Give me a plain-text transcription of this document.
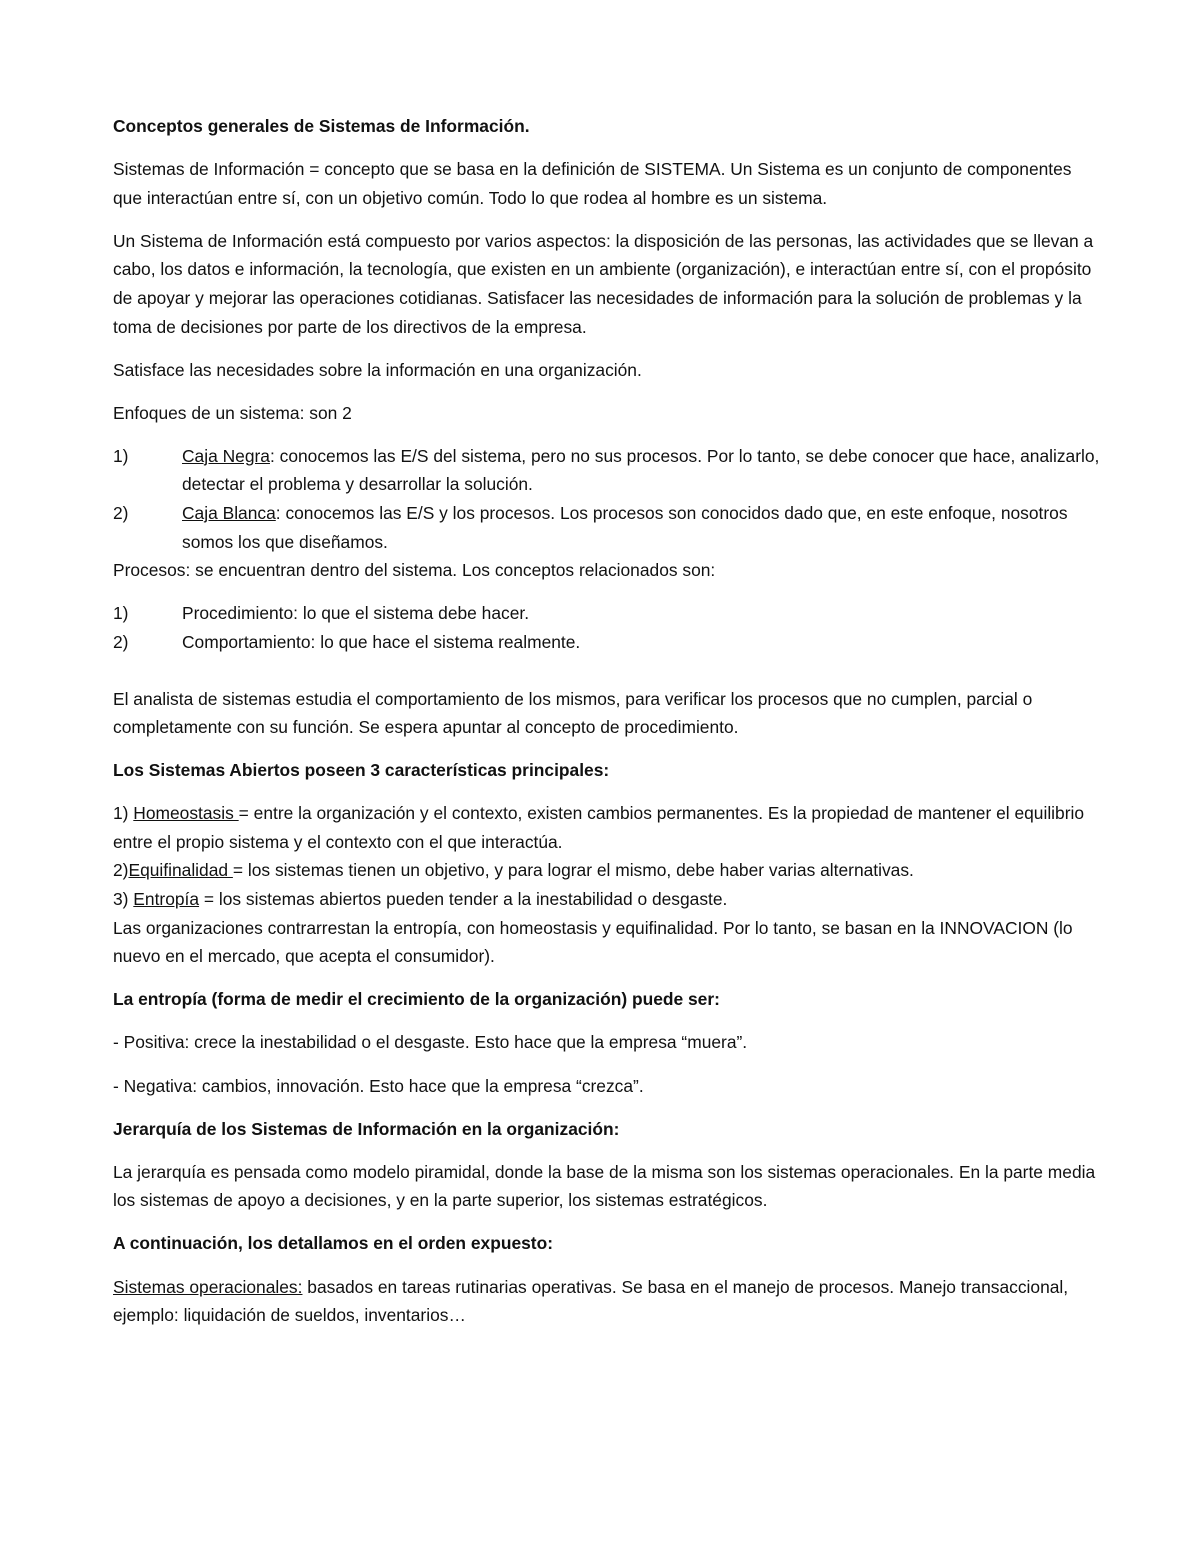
Conceptos generales de Sistemas de Información.

Sistemas de Información = concepto que se basa en la definición de SISTEMA. Un Sistema es un conjunto de componentes que interactúan entre sí, con un objetivo común. Todo lo que rodea al hombre es un sistema.

Un Sistema de Información está compuesto por varios aspectos: la disposición de las personas, las actividades que se llevan a cabo, los datos e información, la tecnología, que existen en un ambiente (organización), e interactúan entre sí, con el propósito de apoyar y mejorar las operaciones cotidianas. Satisfacer las necesidades de información para la solución de problemas y la toma de decisiones por parte de los directivos de la empresa.

Satisface las necesidades sobre la información en una organización.

Enfoques de un sistema: son 2

1)	Caja Negra: conocemos las E/S del sistema, pero no sus procesos. Por lo tanto, se debe conocer que hace, analizarlo, detectar el problema y desarrollar la solución.
2)	Caja Blanca: conocemos las E/S y los procesos. Los procesos son conocidos dado que, en este enfoque, nosotros somos los que diseñamos.

Procesos: se encuentran dentro del sistema. Los conceptos relacionados son:

1)	Procedimiento: lo que el sistema debe hacer.
2)	Comportamiento: lo que hace el sistema realmente.

El analista de sistemas estudia el comportamiento de los mismos, para verificar los procesos que no cumplen, parcial o completamente con su función. Se espera apuntar al concepto de procedimiento.

Los Sistemas Abiertos poseen 3 características principales:

1) Homeostasis = entre la organización y el contexto, existen cambios permanentes. Es la propiedad de mantener el equilibrio entre el propio sistema y el contexto con el que interactúa.
2)Equifinalidad = los sistemas tienen un objetivo, y para lograr el mismo, debe haber varias alternativas.
3) Entropía = los sistemas abiertos pueden tender a la inestabilidad o desgaste.

Las organizaciones contrarrestan la entropía, con homeostasis y equifinalidad. Por lo tanto, se basan en la INNOVACION (lo nuevo en el mercado, que acepta el consumidor).

La entropía (forma de medir el crecimiento de la organización) puede ser:

- Positiva: crece la inestabilidad o el desgaste. Esto hace que la empresa “muera”.

- Negativa: cambios, innovación. Esto hace que la empresa “crezca”.

Jerarquía de los Sistemas de Información en la organización:

La jerarquía es pensada como modelo piramidal, donde la base de la misma son los sistemas operacionales. En la parte media los sistemas de apoyo a decisiones, y en la parte superior, los sistemas estratégicos.

A continuación, los detallamos en el orden expuesto:

Sistemas operacionales: basados en tareas rutinarias operativas. Se basa en el manejo de procesos. Manejo transaccional, ejemplo: liquidación de sueldos, inventarios…
